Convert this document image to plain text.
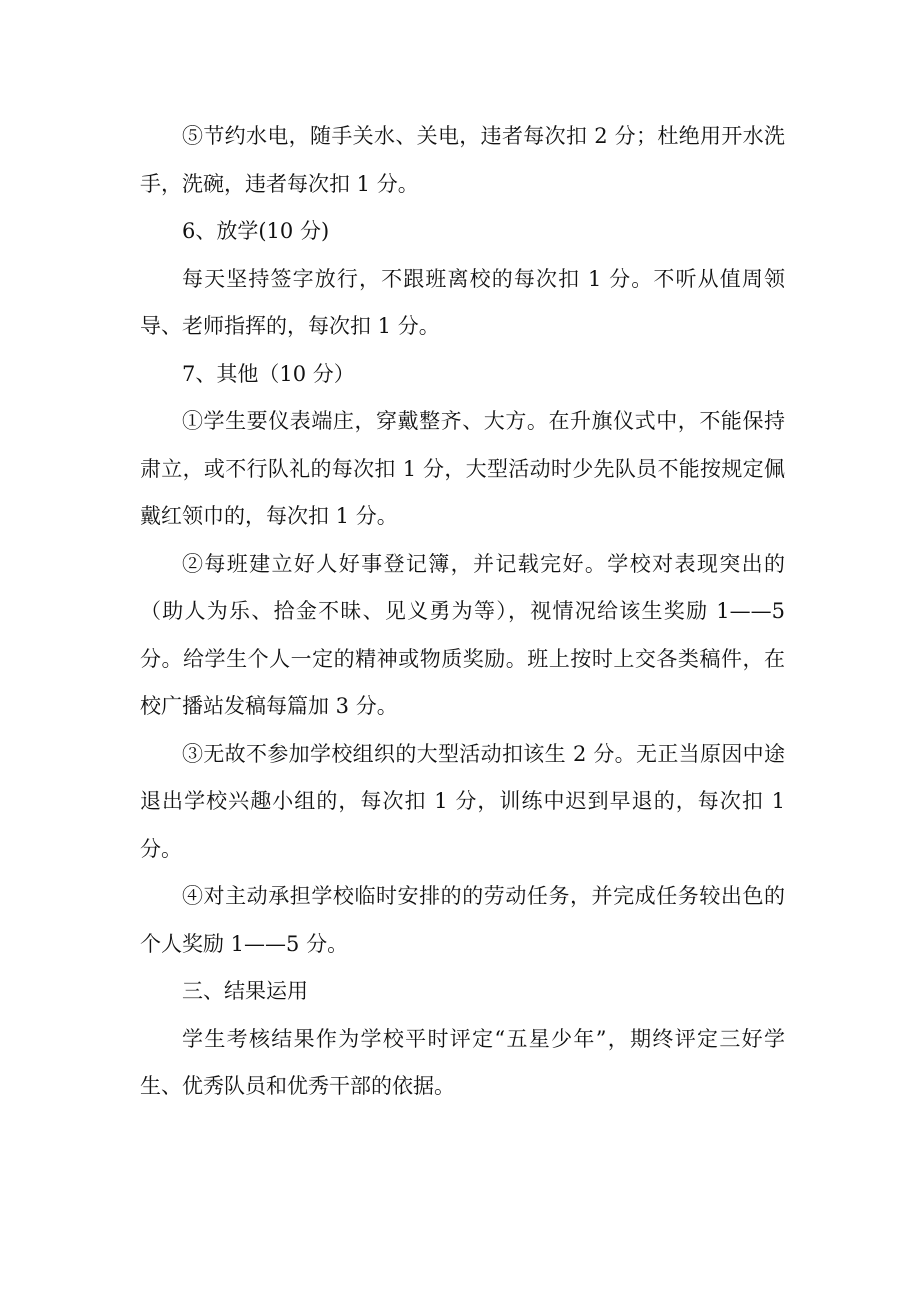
⑤节约水电，随手关水、关电，违者每次扣 2 分；杜绝用开水洗手，洗碗，违者每次扣 1 分。

6、放学(10 分)

每天坚持签字放行，不跟班离校的每次扣 1 分。不听从值周领导、老师指挥的，每次扣 1 分。

7、其他（10 分）

①学生要仪表端庄，穿戴整齐、大方。在升旗仪式中，不能保持肃立，或不行队礼的每次扣 1 分，大型活动时少先队员不能按规定佩戴红领巾的，每次扣 1 分。

②每班建立好人好事登记簿，并记载完好。学校对表现突出的（助人为乐、拾金不昧、见义勇为等），视情况给该生奖励 1——5 分。给学生个人一定的精神或物质奖励。班上按时上交各类稿件，在校广播站发稿每篇加 3 分。

③无故不参加学校组织的大型活动扣该生 2 分。无正当原因中途退出学校兴趣小组的，每次扣 1 分，训练中迟到早退的，每次扣 1 分。

④对主动承担学校临时安排的的劳动任务，并完成任务较出色的个人奖励 1——5 分。

三、结果运用

学生考核结果作为学校平时评定“五星少年”，期终评定三好学生、优秀队员和优秀干部的依据。
